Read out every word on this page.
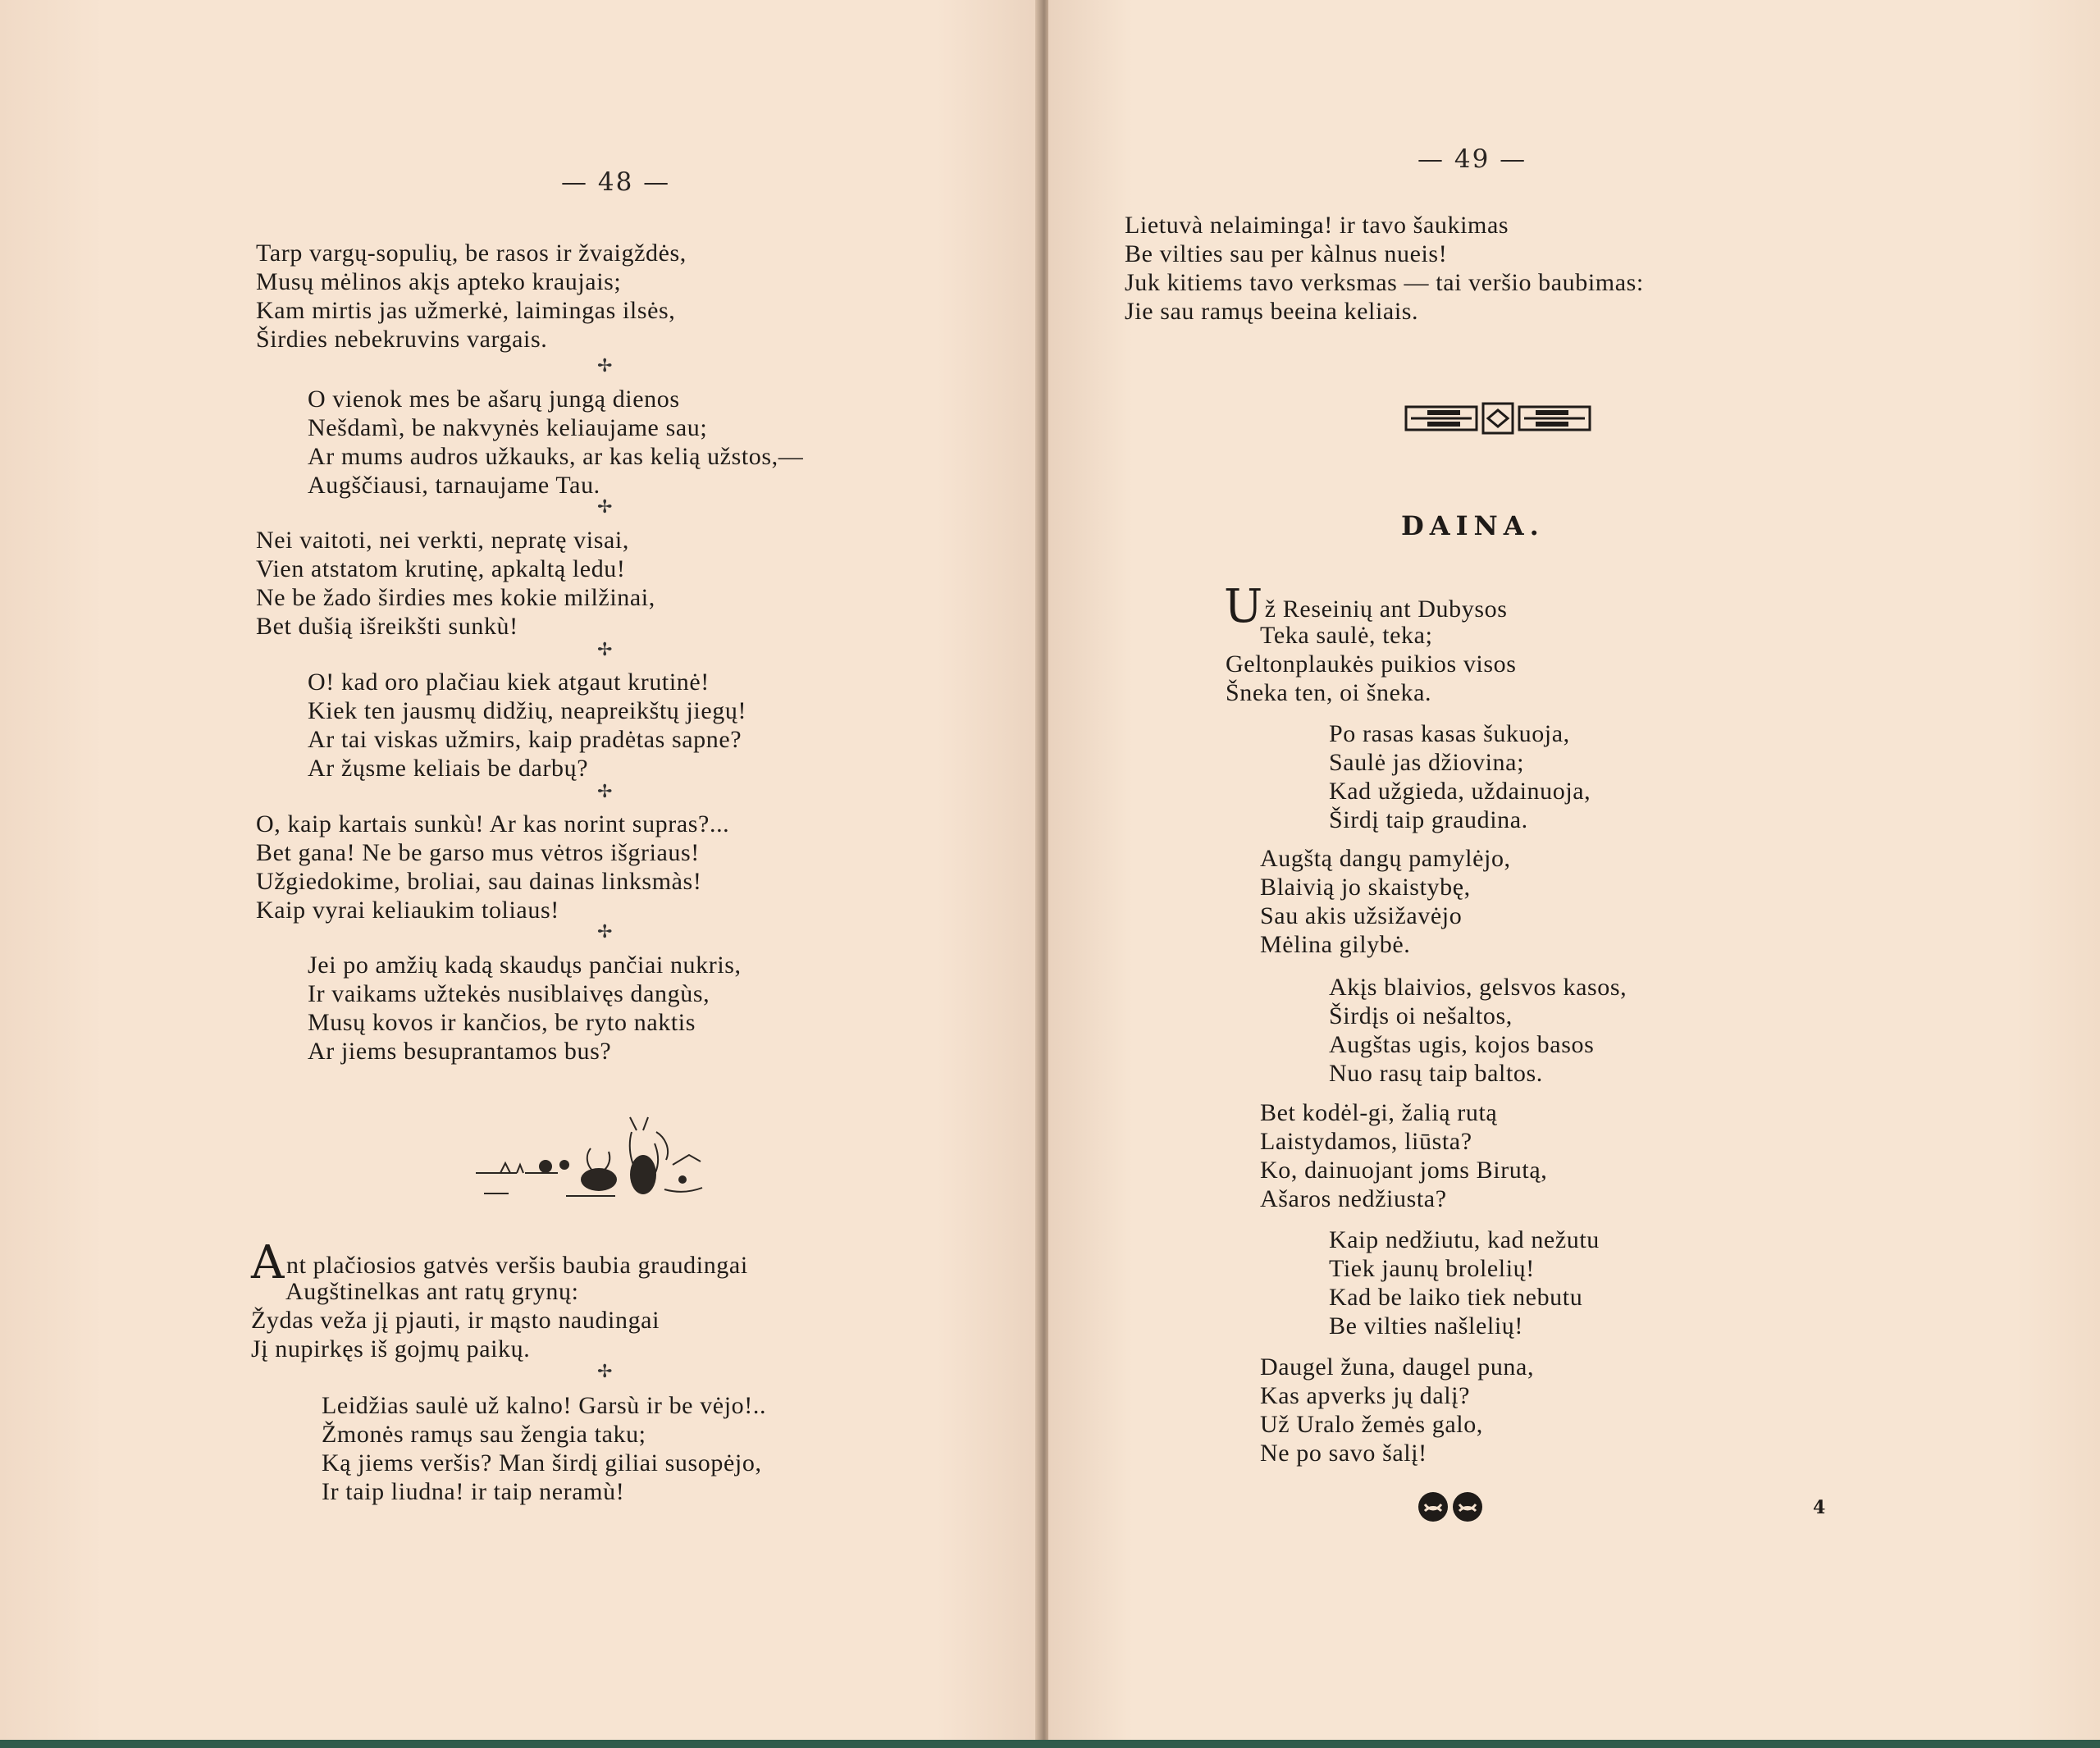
— 48 —
Tarp vargų-sopulių, be rasos ir žvaigždės,
Musų mėlinos akįs apteko kraujais;
Kam mirtis jas užmerkė, laimingas ilsės,
Širdies nebekruvins vargais.
✢
O vienok mes be ašarų jungą dienos
Nešdamì, be nakvynės keliaujame sau;
Ar mums audros užkauks, ar kas kelią užstos,—
Augščiausi, tarnaujame Tau.
✢
Nei vaitoti, nei verkti, nepratę visai,
Vien atstatom krutinę, apkaltą ledu!
Ne be žado širdies mes kokie milžinai,
Bet dušią išreikšti sunkù!
✢
O! kad oro plačiau kiek atgaut krutinė!
Kiek ten jausmų didžių, neapreikštų jiegų!
Ar tai viskas užmirs, kaip pradėtas sapne?
Ar žųsme keliais be darbų?
✢
O, kaip kartais sunkù! Ar kas norint supras?...
Bet gana! Ne be garso mus vėtros išgriaus!
Užgiedokime, broliai, sau dainas linksmàs!
Kaip vyrai keliaukim toliaus!
✢
Jei po amžių kadą skaudųs pančiai nukris,
Ir vaikams užtekės nusiblaivęs dangùs,
Musų kovos ir kančios, be ryto naktis
Ar jiems besuprantamos bus?
Ant plačiosios gatvės veršis baubia graudingai
Augštinelkas ant ratų grynų:
Žydas veža jį pjauti, ir mąsto naudingai
Jį nupirkęs iš gojmų paikų.
✢
Leidžias saulė už kalno! Garsù ir be vėjo!..
Žmonės ramųs sau žengia taku;
Ką jiems veršis? Man širdį giliai susopėjo,
Ir taip liudna! ir taip neramù!
— 49 —
Lietuvà nelaiminga! ir tavo šaukimas
Be vilties sau per kàlnus nueis!
Juk kitiems tavo verksmas — tai veršio baubimas:
Jie sau ramųs beeina keliais.
DAINA.
Už Reseinių ant Dubysos
Teka saulė, teka;
Geltonplaukės puikios visos
Šneka ten, oi šneka.
Po rasas kasas šukuoja,
Saulė jas džiovina;
Kad užgieda, uždainuoja,
Širdį taip graudina.
Augštą dangų pamylėjo,
Blaivią jo skaistybę,
Sau akis užsižavėjo
Mėlina gilybė.
Akįs blaivios, gelsvos kasos,
Širdįs oi nešaltos,
Augštas ugis, kojos basos
Nuo rasų taip baltos.
Bet kodėl-gi, žalią rutą
Laistydamos, liūsta?
Ko, dainuojant joms Birutą,
Ašaros nedžiusta?
Kaip nedžiutu, kad nežutu
Tiek jaunų brolelių!
Kad be laiko tiek nebutu
Be vilties našlelių!
Daugel žuna, daugel puna,
Kas apverks jų dalį?
Už Uralo žemės galo,
Ne po savo šalį!
4
